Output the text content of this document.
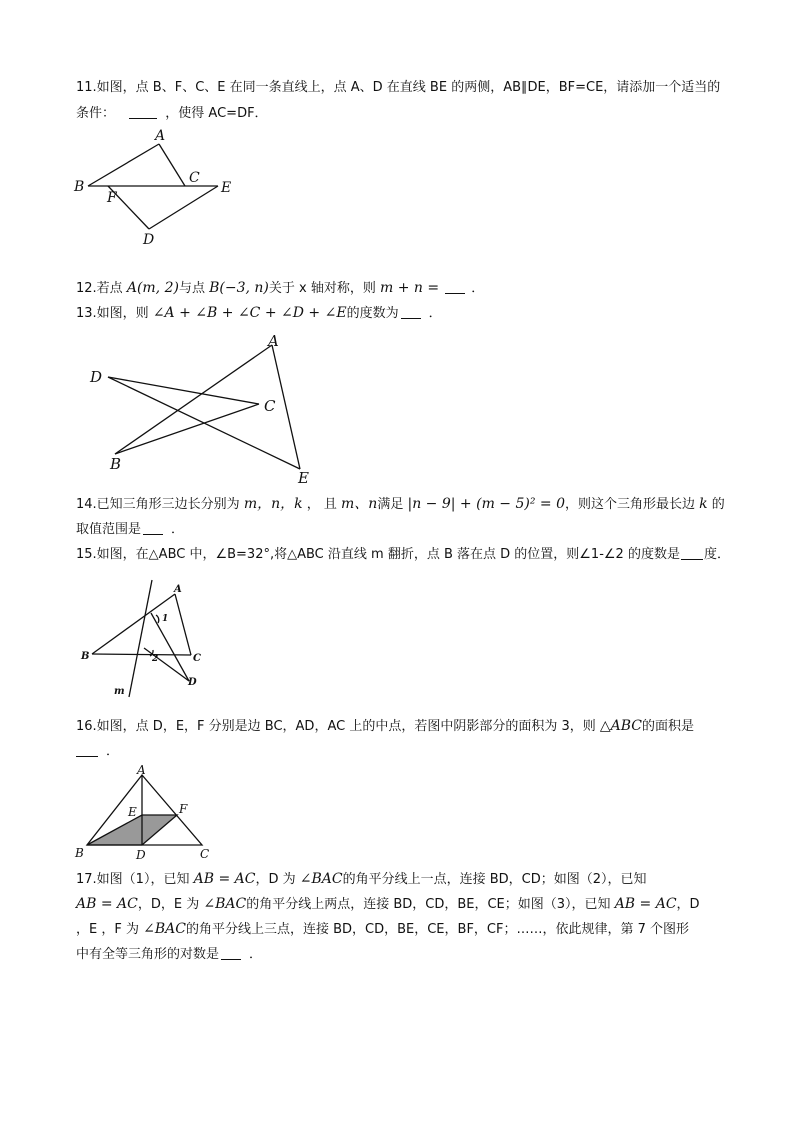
11.如图，点 B、F、C、E 在同一条直线上，点 A、D 在直线 BE 的两侧，AB∥DE，BF=CE，请添加一个适当的
条件：	，使得 AC=DF．
A
B
C
E
F
D
12.若点 A(m, 2)与点 B(−3, n)关于 x 轴对称，则 m + n = ．
13.如图，则 ∠A + ∠B + ∠C + ∠D + ∠E的度数为 ．
A
C
D
B
E
14.已知三角形三边长分别为 m，n，k ， 且 m、n满足 |n − 9| + (m − 5)² = 0，则这个三角形最长边 k 的
取值范围是 ．
15.如图，在△ABC 中，∠B=32°,将△ABC 沿直线 m 翻折，点 B 落在点 D 的位置，则∠1-∠2 的度数是 度．
A
B	C
D
m
1
2
16.如图，点 D，E，F 分别是边 BC，AD，AC 上的中点，若图中阴影部分的面积为 3，则 △ABC的面积是
．
A
B	C
D
E	F
17.如图（1），已知 AB = AC，D 为 ∠BAC的角平分线上一点，连接 BD，CD；如图（2），已知
AB = AC，D，E 为 ∠BAC的角平分线上两点，连接 BD，CD，BE，CE；如图（3），已知 AB = AC，D
，E ，F 为 ∠BAC的角平分线上三点，连接 BD，CD，BE，CE，BF，CF；……，依此规律，第 7 个图形
中有全等三角形的对数是 ．
